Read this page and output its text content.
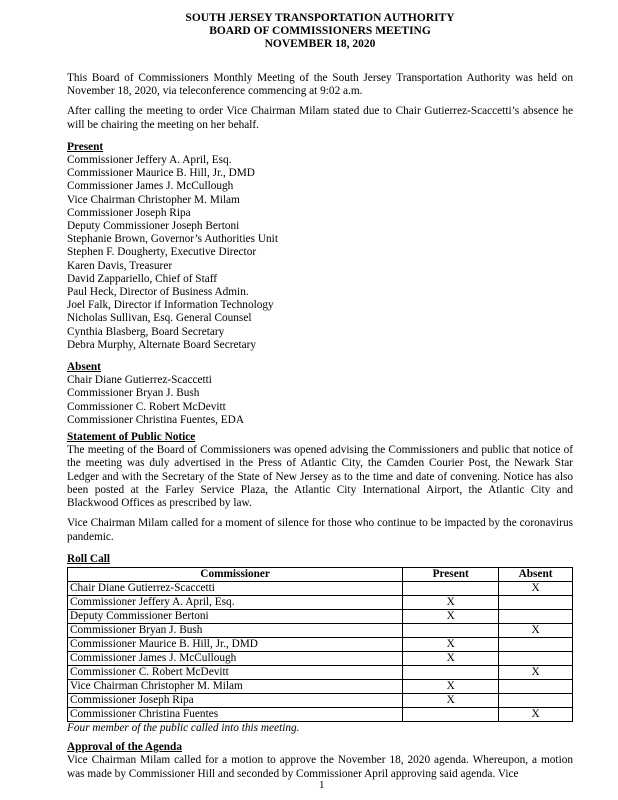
SOUTH JERSEY TRANSPORTATION AUTHORITY
BOARD OF COMMISSIONERS MEETING
NOVEMBER 18, 2020

This Board of Commissioners Monthly Meeting of the South Jersey Transportation Authority was held on November 18, 2020, via teleconference commencing at 9:02 a.m.

After calling the meeting to order Vice Chairman Milam stated due to Chair Gutierrez-Scaccetti’s absence he will be chairing the meeting on her behalf.

Present
Commissioner Jeffery A. April, Esq.
Commissioner Maurice B. Hill, Jr., DMD
Commissioner James J. McCullough
Vice Chairman Christopher M. Milam
Commissioner Joseph Ripa
Deputy Commissioner Joseph Bertoni
Stephanie Brown, Governor’s Authorities Unit
Stephen F. Dougherty, Executive Director
Karen Davis, Treasurer
David Zappariello, Chief of Staff
Paul Heck, Director of Business Admin.
Joel Falk, Director if Information Technology
Nicholas Sullivan, Esq. General Counsel
Cynthia Blasberg, Board Secretary
Debra Murphy, Alternate Board Secretary
Absent
Chair Diane Gutierrez-Scaccetti
Commissioner Bryan J. Bush
Commissioner C. Robert McDevitt
Commissioner Christina Fuentes, EDA
Statement of Public Notice

The meeting of the Board of Commissioners was opened advising the Commissioners and public that notice of the meeting was duly advertised in the Press of Atlantic City, the Camden Courier Post, the Newark Star Ledger and with the Secretary of the State of New Jersey as to the time and date of convening. Notice has also been posted at the Farley Service Plaza, the Atlantic City International Airport, the Atlantic City and Blackwood Offices as prescribed by law.

Vice Chairman Milam called for a moment of silence for those who continue to be impacted by the coronavirus pandemic.

Roll Call
Commissioner	Present	Absent
Chair Diane Gutierrez-Scaccetti		X
Commissioner Jeffery A. April, Esq.	X	
Deputy Commissioner Bertoni	X	
Commissioner Bryan J. Bush		X
Commissioner Maurice B. Hill, Jr., DMD	X	
Commissioner James J. McCullough	X	
Commissioner C. Robert McDevitt		X
Vice Chairman Christopher M. Milam	X	
Commissioner Joseph Ripa	X	
Commissioner Christina Fuentes		X
Four member of the public called into this meeting.
Approval of the Agenda

Vice Chairman Milam called for a motion to approve the November 18, 2020 agenda. Whereupon, a motion was made by Commissioner Hill and seconded by Commissioner April approving said agenda. Vice

1
